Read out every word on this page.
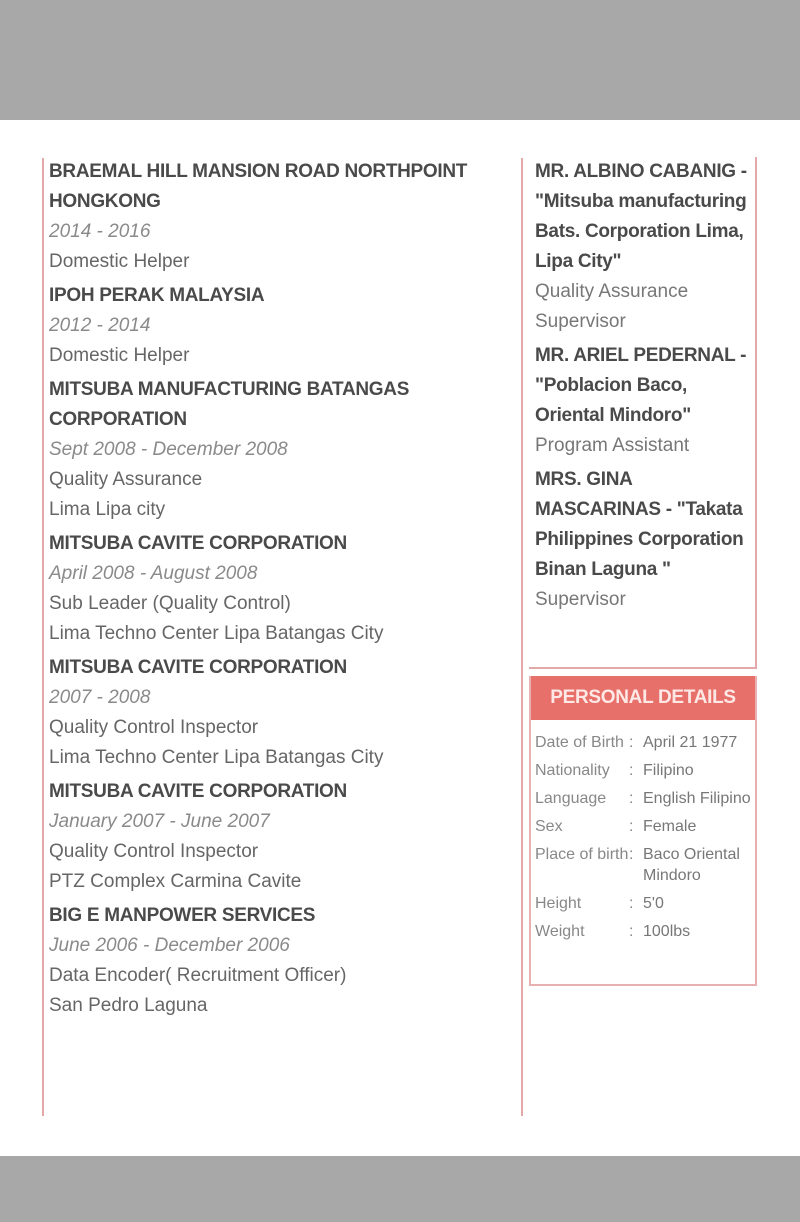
BRAEMAL HILL MANSION ROAD NORTHPOINT HONGKONG
2014 - 2016
Domestic Helper
IPOH PERAK MALAYSIA
2012 - 2014
Domestic Helper
MITSUBA MANUFACTURING BATANGAS CORPORATION
Sept 2008 - December 2008
Quality Assurance
Lima Lipa city
MITSUBA CAVITE CORPORATION
April 2008 - August 2008
Sub Leader (Quality Control)
Lima Techno Center Lipa Batangas City
MITSUBA CAVITE CORPORATION
2007 - 2008
Quality Control Inspector
Lima Techno Center Lipa Batangas City
MITSUBA CAVITE CORPORATION
January 2007 - June 2007
Quality Control Inspector
PTZ Complex Carmina Cavite
BIG E MANPOWER SERVICES
June 2006 - December 2006
Data Encoder( Recruitment Officer)
San Pedro Laguna
MR. ALBINO CABANIG - "Mitsuba manufacturing Bats. Corporation Lima, Lipa City"
Quality Assurance Supervisor
MR. ARIEL PEDERNAL - "Poblacion Baco, Oriental Mindoro"
Program Assistant
MRS. GINA MASCARINAS - "Takata Philippines Corporation Binan Laguna "
Supervisor
PERSONAL DETAILS
Date of Birth : April 21 1977
Nationality	: Filipino
Language	: English Filipino
Sex	: Female
Place of birth : Baco Oriental Mindoro
Height	: 5'0
Weight	: 100lbs
